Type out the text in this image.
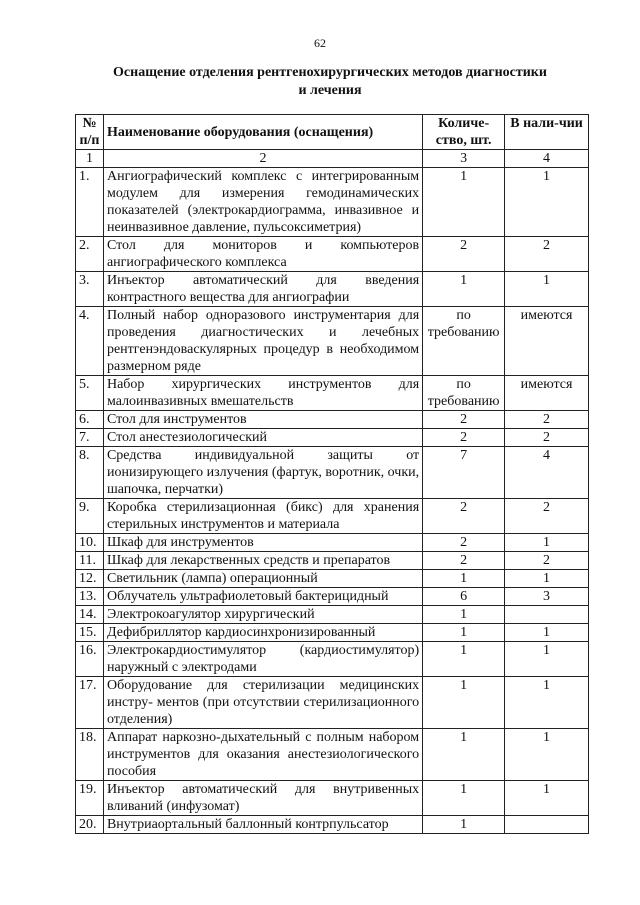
62
Оснащение отделения рентгенохирургических методов диагностики
и лечения
№ п/п	Наименование оборудования (оснащения)	Количе-ство, шт.	В нали-чии
1	2	3	4
1.	Ангиографический комплекс с интегрированным модулем для измерения гемодинамических показателей (электрокардиограмма, инвазивное и неинвазивное давление, пульсоксиметрия)	1	1
2.	Стол для мониторов и компьютеров ангиографического комплекса	2	2
3.	Инъектор автоматический для введения контрастного вещества для ангиографии	1	1
4.	Полный набор одноразового инструментария для проведения диагностических и лечебных рентгенэндоваскулярных процедур в необходимом размерном ряде	по требованию	имеются
5.	Набор хирургических инструментов для малоинвазивных вмешательств	по требованию	имеются
6.	Стол для инструментов	2	2
7.	Стол анестезиологический	2	2
8.	Средства индивидуальной защиты от ионизирующего излучения (фартук, воротник, очки, шапочка, перчатки)	7	4
9.	Коробка стерилизационная (бикс) для хранения стерильных инструментов и материала	2	2
10.	Шкаф для инструментов	2	1
11.	Шкаф для лекарственных средств и препаратов	2	2
12.	Светильник (лампа) операционный	1	1
13.	Облучатель ультрафиолетовый бактерицидный	6	3
14.	Электрокоагулятор хирургический	1	
15.	Дефибриллятор кардиосинхронизированный	1	1
16.	Электрокардиостимулятор (кардиостимулятор) наружный с электродами	1	1
17.	Оборудование для стерилизации медицинских инстру- ментов (при отсутствии стерилизационного отделения)	1	1
18.	Аппарат наркозно-дыхательный с полным набором инструментов для оказания анестезиологического пособия	1	1
19.	Инъектор автоматический для внутривенных вливаний (инфузомат)	1	1
20.	Внутриаортальный баллонный контрпульсатор	1	
